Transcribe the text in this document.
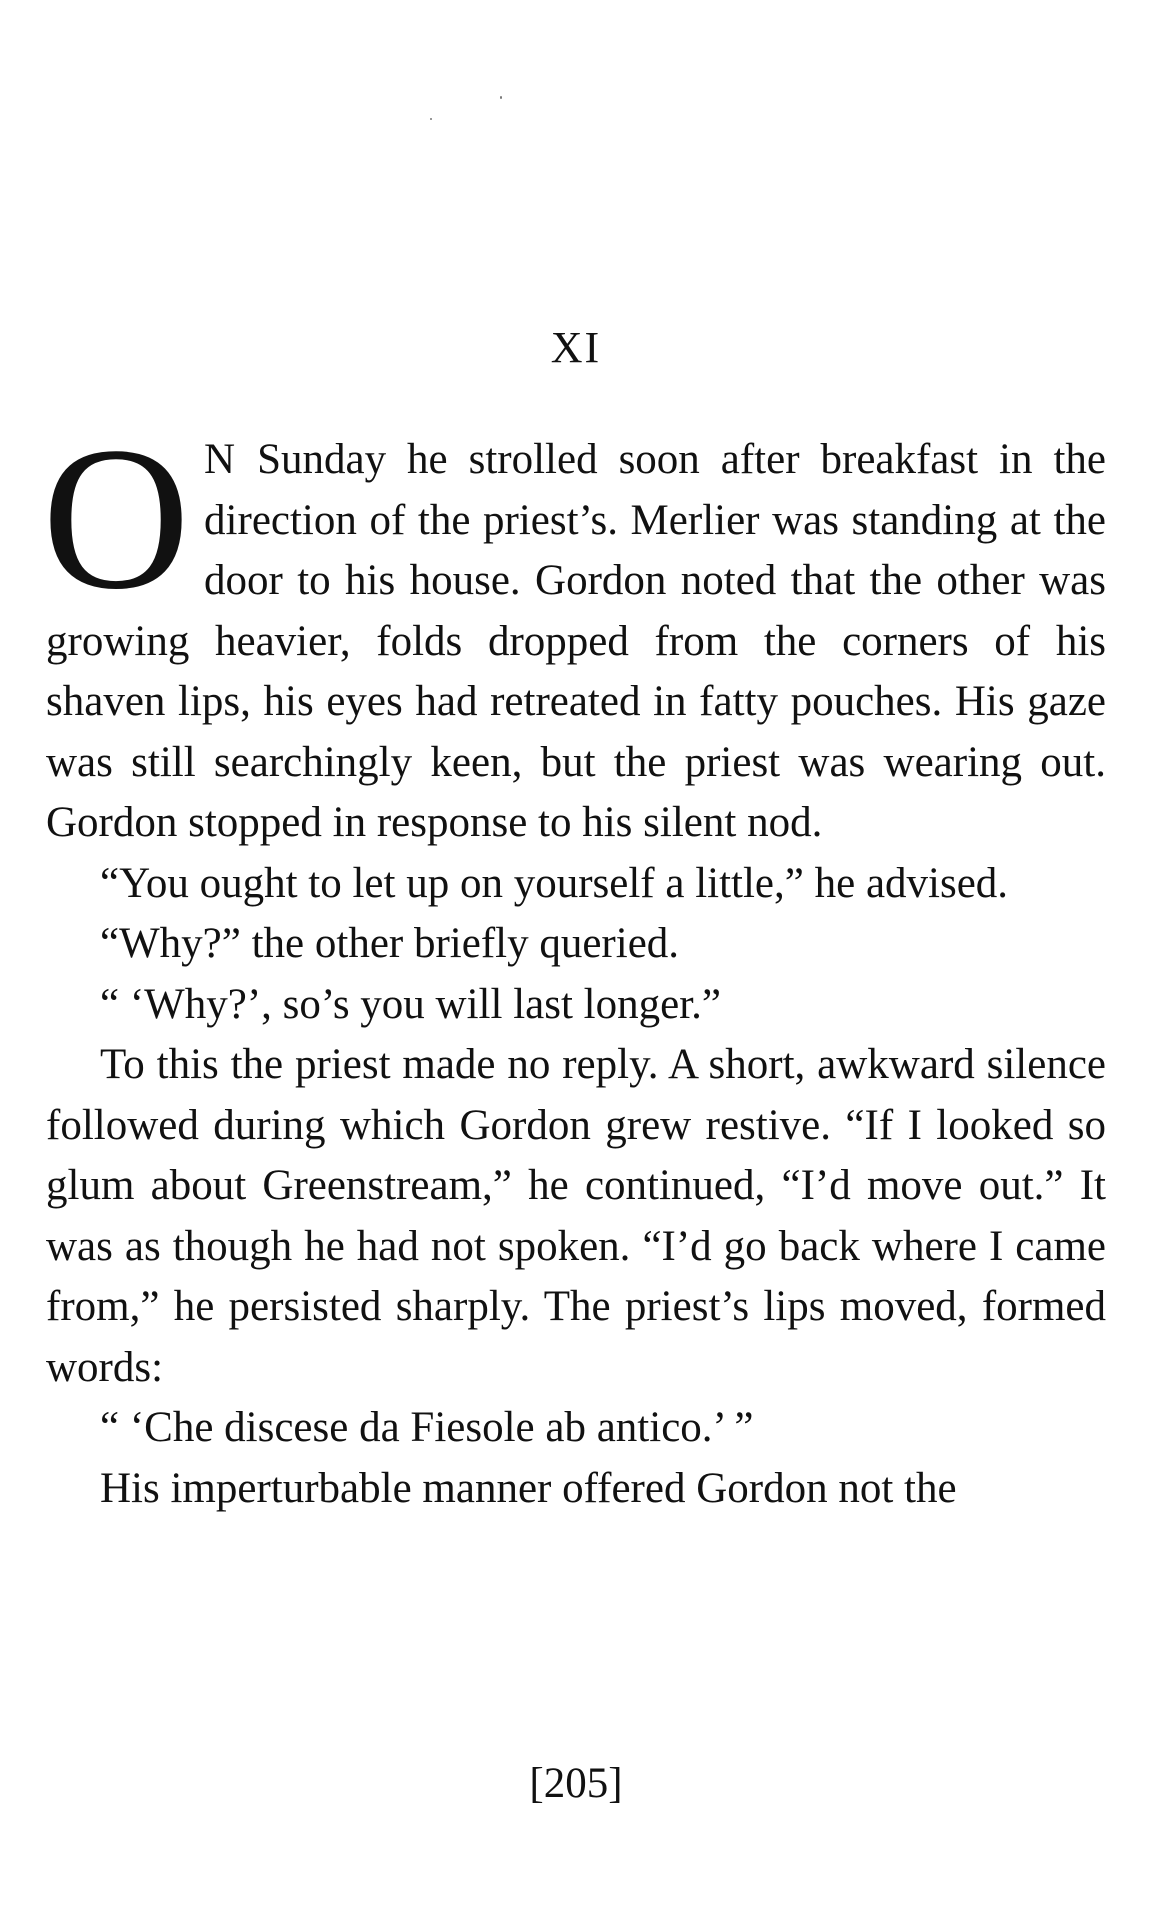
XI

O N Sunday he strolled soon after breakfast in the direction of the priest’s. Merlier was standing at the door to his house. Gordon noted that the other was growing heavier, folds dropped from the corners of his shaven lips, his eyes had retreated in fatty pouches. His gaze was still searchingly keen, but the priest was wearing out. Gordon stopped in response to his silent nod.

“You ought to let up on yourself a little,” he advised.

“Why?” the other briefly queried.

“ ‘Why?’, so’s you will last longer.”

To this the priest made no reply. A short, awkward silence followed during which Gordon grew restive. “If I looked so glum about Greenstream,” he continued, “I’d move out.” It was as though he had not spoken. “I’d go back where I came from,” he persisted sharply. The priest’s lips moved, formed words:

“ ‘Che discese da Fiesole ab antico.’ ”

His imperturbable manner offered Gordon not the

[205]
